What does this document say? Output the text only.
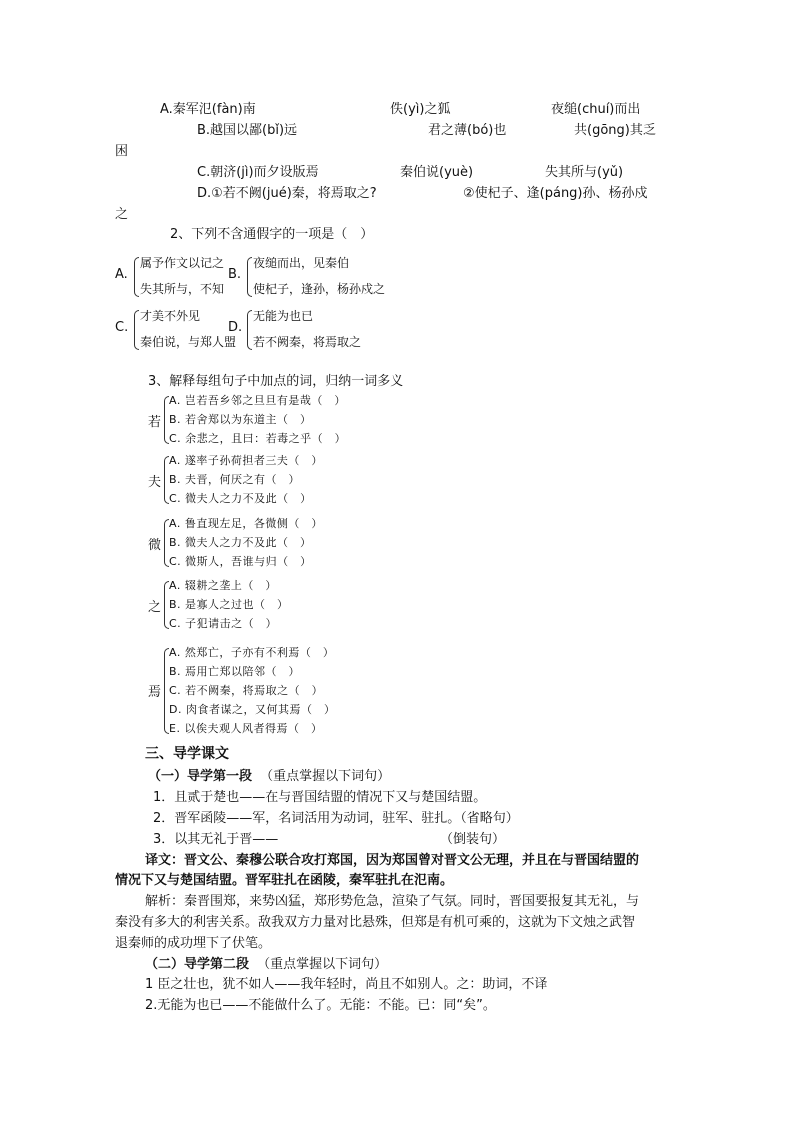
A.秦军氾(fàn)南	佚(yì)之狐	夜缒(chuí)而出
B.越国以鄙(bǐ)远	君之薄(bó)也	共(gōng)其乏
困
C.朝济(jì)而夕设版焉	秦伯说(yuè)	失其所与(yǔ)
D.①若不阙(jué)秦，将焉取之?	②使杞子、逢(páng)孙、杨孙戍
之
2、下列不含通假字的一项是（　）
A.
属予作文以记之
失其所与，不知
B.
夜缒而出，见秦伯
使杞子，逢孙，杨孙戍之
C.
才美不外见
秦伯说，与郑人盟
D.
无能为也已
若不阙秦，将焉取之
3、解释每组句子中加点的词，归纳一词多义
若
A. 岂若吾乡邻之旦旦有是哉（　）
B. 若舍郑以为东道主（　）
C. 余悲之，且曰：若毒之乎（　）
夫
A. 遂率子孙荷担者三夫（　）
B. 夫晋，何厌之有（　）
C. 微夫人之力不及此（　）
微
A. 鲁直现左足，各微侧（　）
B. 微夫人之力不及此（　）
C. 微斯人，吾谁与归（　）
之
A. 辍耕之垄上（　）
B. 是寡人之过也（　）
C. 子犯请击之（　）
焉
A. 然郑亡，子亦有不利焉（　）
B. 焉用亡郑以陪邻（　）
C. 若不阙秦，将焉取之（　）
D. 肉食者谋之，又何其焉（　）
E. 以俟夫观人风者得焉（　）
三、导学课文
（一）导学第一段 （重点掌握以下词句）
1．且贰于楚也——在与晋国结盟的情况下又与楚国结盟。
2．晋军函陵——军，名词活用为动词，驻军、驻扎。（省略句）
3．以其无礼于晋——	（倒装句）
译文：晋文公、秦穆公联合攻打郑国，因为郑国曾对晋文公无理，并且在与晋国结盟的
情况下又与楚国结盟。晋军驻扎在函陵，秦军驻扎在氾南。
解析：秦晋围郑，来势凶猛，郑形势危急，渲染了气氛。同时，晋国要报复其无礼，与
秦没有多大的利害关系。敌我双方力量对比悬殊，但郑是有机可乘的，这就为下文烛之武智
退秦师的成功埋下了伏笔。
（二）导学第二段 （重点掌握以下词句）
1 臣之壮也，犹不如人——我年轻时，尚且不如别人。之：助词，不译
2.无能为也已——不能做什么了。无能：不能。已：同“矣”。
